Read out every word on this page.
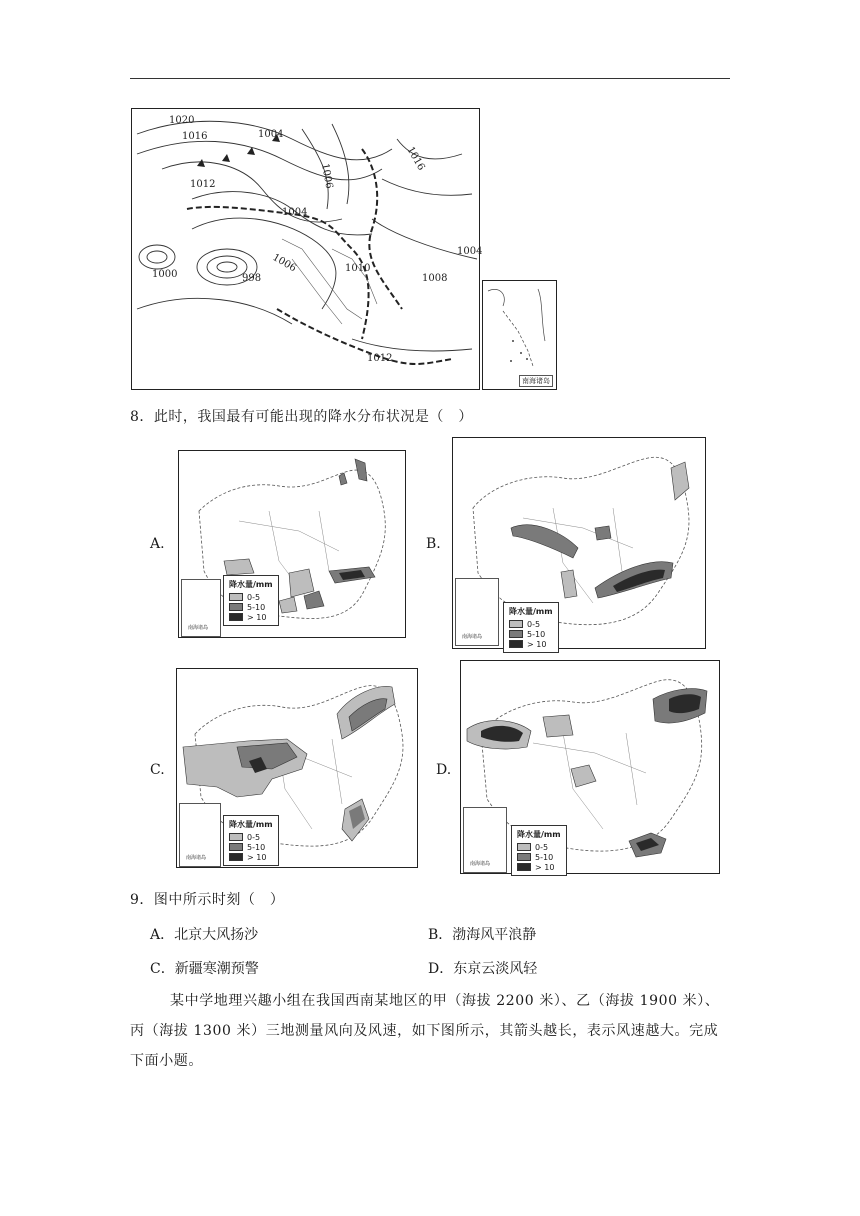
1020
1016	1004
1012	1006
1004
1000	998
1006	1010
1016
1004
1008
1012
南海诸岛
8．此时，我国最有可能出现的降水分布状况是（　）
A.
南海诸岛
降水量/mm
0-5
5-10
> 10
B.
南海诸岛
降水量/mm
0-5
5-10
> 10
C.
南海诸岛
降水量/mm
0-5
5-10
> 10
D.
南海诸岛
降水量/mm
0-5
5-10
> 10
9．图中所示时刻（　）
A．北京大风扬沙	B．渤海风平浪静
C．新疆寒潮预警	D．东京云淡风轻
某中学地理兴趣小组在我国西南某地区的甲（海拔 2200 米）、乙（海拔 1900 米）、
丙（海拔 1300 米）三地测量风向及风速，如下图所示，其箭头越长，表示风速越大。完成
下面小题。
